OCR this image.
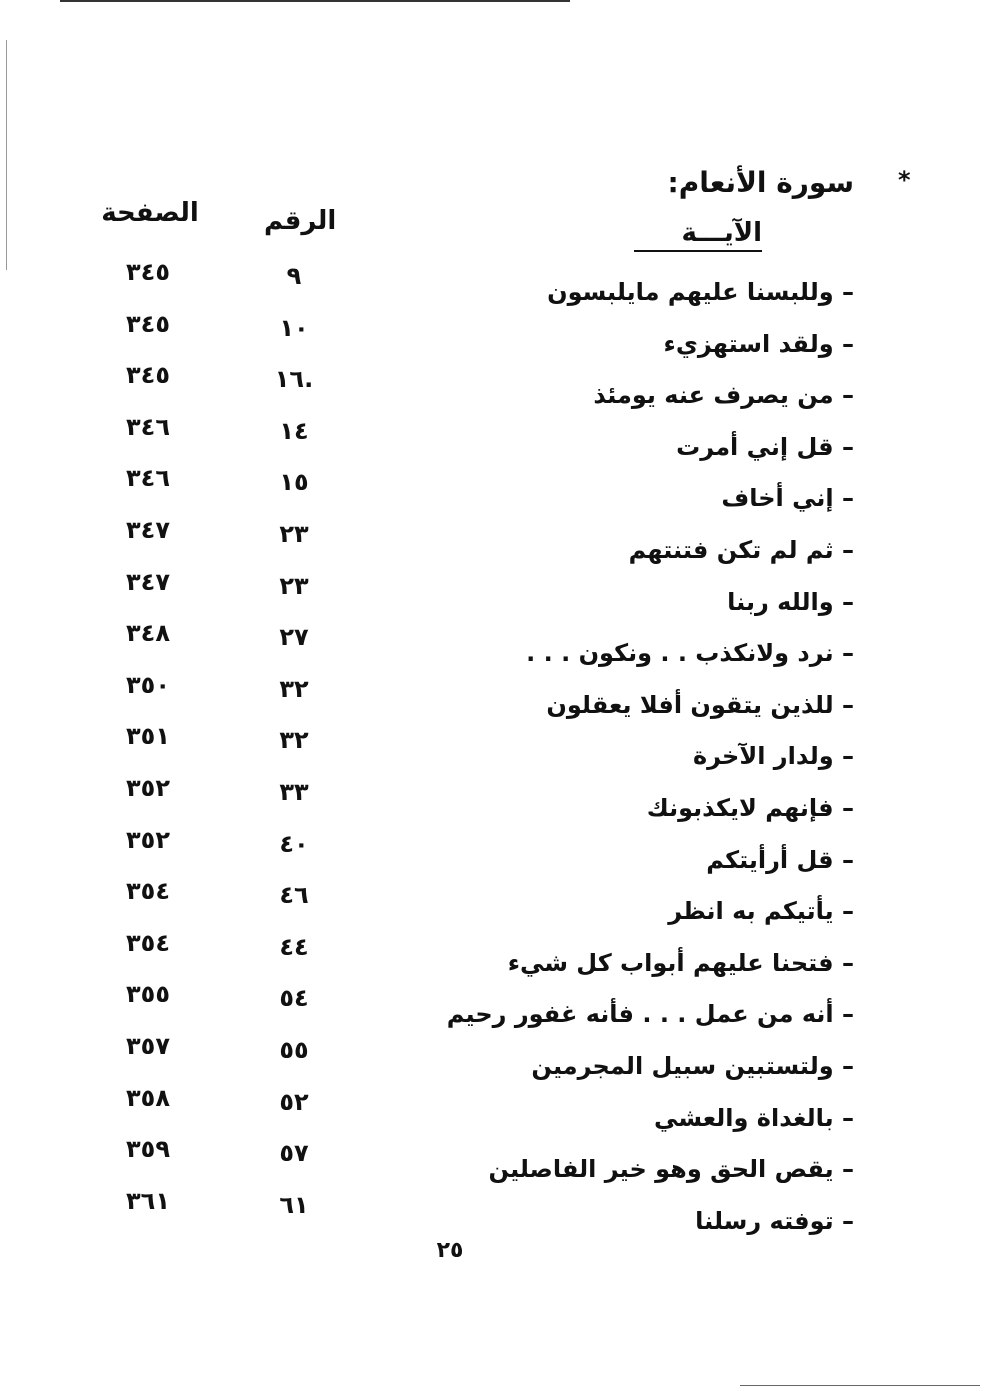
*
سورة الأنعام:
الآيـــة
الرقم
الصفحة
– وللبسنا عليهم مايلبسون
– ولقد استهزيء
– من يصرف عنه يومئذ
– قل إني أمرت
– إني أخاف
– ثم لم تكن فتنتهم
– والله ربنا
– نرد ولانكذب . . ونكون . . .
– للذين يتقون أفلا يعقلون
– ولدار الآخرة
– فإنهم لايكذبونك
– قل أرأيتكم
– يأتيكم به انظر
– فتحنا عليهم أبواب كل شيء
– أنه من عمل . . . فأنه غفور رحيم
– ولتستبين سبيل المجرمين
– بالغداة والعشي
– يقص الحق وهو خير الفاصلين
– توفته رسلنا
٩
١٠
١٦.
١٤
١٥
٢٣
٢٣
٢٧
٣٢
٣٢
٣٣
٤٠
٤٦
٤٤
٥٤
٥٥
٥٢
٥٧
٦١
٣٤٥
٣٤٥
٣٤٥
٣٤٦
٣٤٦
٣٤٧
٣٤٧
٣٤٨
٣٥٠
٣٥١
٣٥٢
٣٥٢
٣٥٤
٣٥٤
٣٥٥
٣٥٧
٣٥٨
٣٥٩
٣٦١
٢٥
